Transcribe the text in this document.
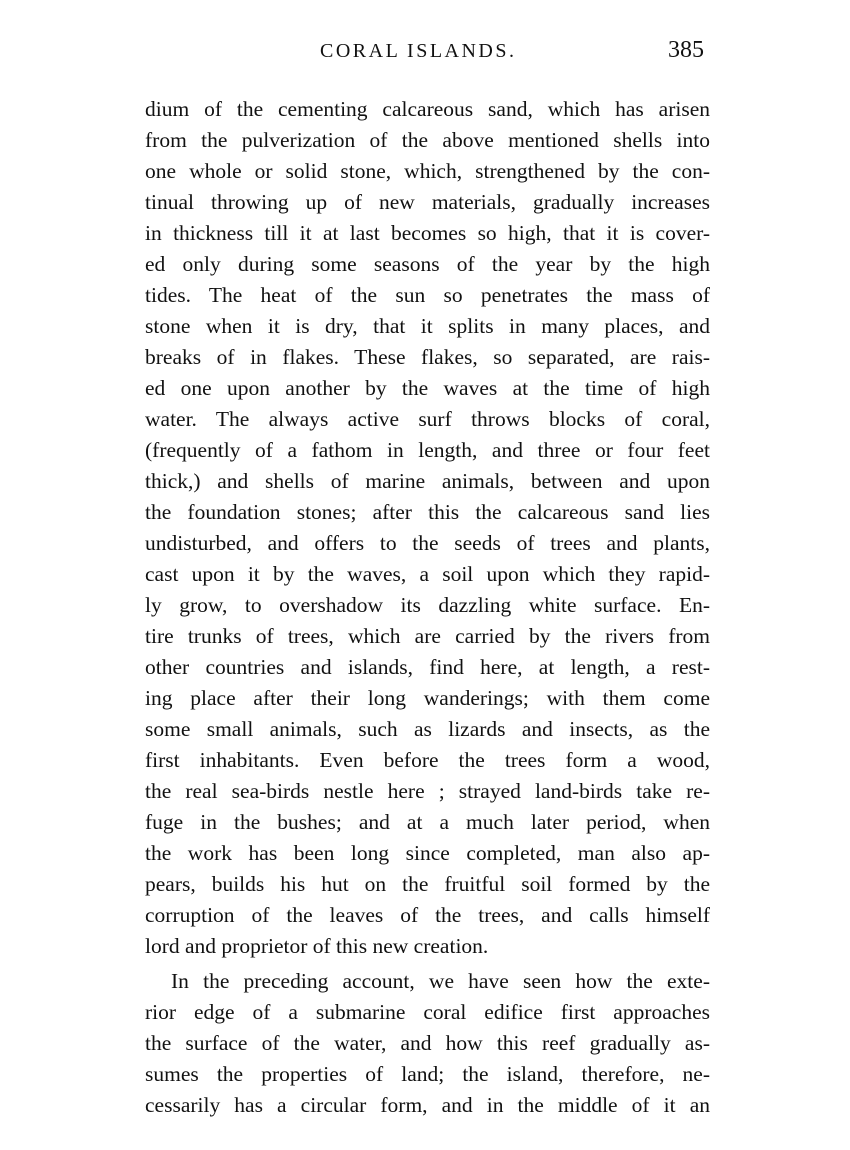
CORAL ISLANDS.	385
dium of the cementing calcareous sand, which has arisen
from the pulverization of the above mentioned shells into
one whole or solid stone, which, strengthened by the con-
tinual throwing up of new materials, gradually increases
in thickness till it at last becomes so high, that it is cover-
ed only during some seasons of the year by the high
tides. The heat of the sun so penetrates the mass of
stone when it is dry, that it splits in many places, and
breaks of in flakes. These flakes, so separated, are rais-
ed one upon another by the waves at the time of high
water. The always active surf throws blocks of coral,
(frequently of a fathom in length, and three or four feet
thick,) and shells of marine animals, between and upon
the foundation stones; after this the calcareous sand lies
undisturbed, and offers to the seeds of trees and plants,
cast upon it by the waves, a soil upon which they rapid-
ly grow, to overshadow its dazzling white surface. En-
tire trunks of trees, which are carried by the rivers from
other countries and islands, find here, at length, a rest-
ing place after their long wanderings; with them come
some small animals, such as lizards and insects, as the
first inhabitants. Even before the trees form a wood,
the real sea-birds nestle here ; strayed land-birds take re-
fuge in the bushes; and at a much later period, when
the work has been long since completed, man also ap-
pears, builds his hut on the fruitful soil formed by the
corruption of the leaves of the trees, and calls himself
lord and proprietor of this new creation.
In the preceding account, we have seen how the exte-
rior edge of a submarine coral edifice first approaches
the surface of the water, and how this reef gradually as-
sumes the properties of land; the island, therefore, ne-
cessarily has a circular form, and in the middle of it an
